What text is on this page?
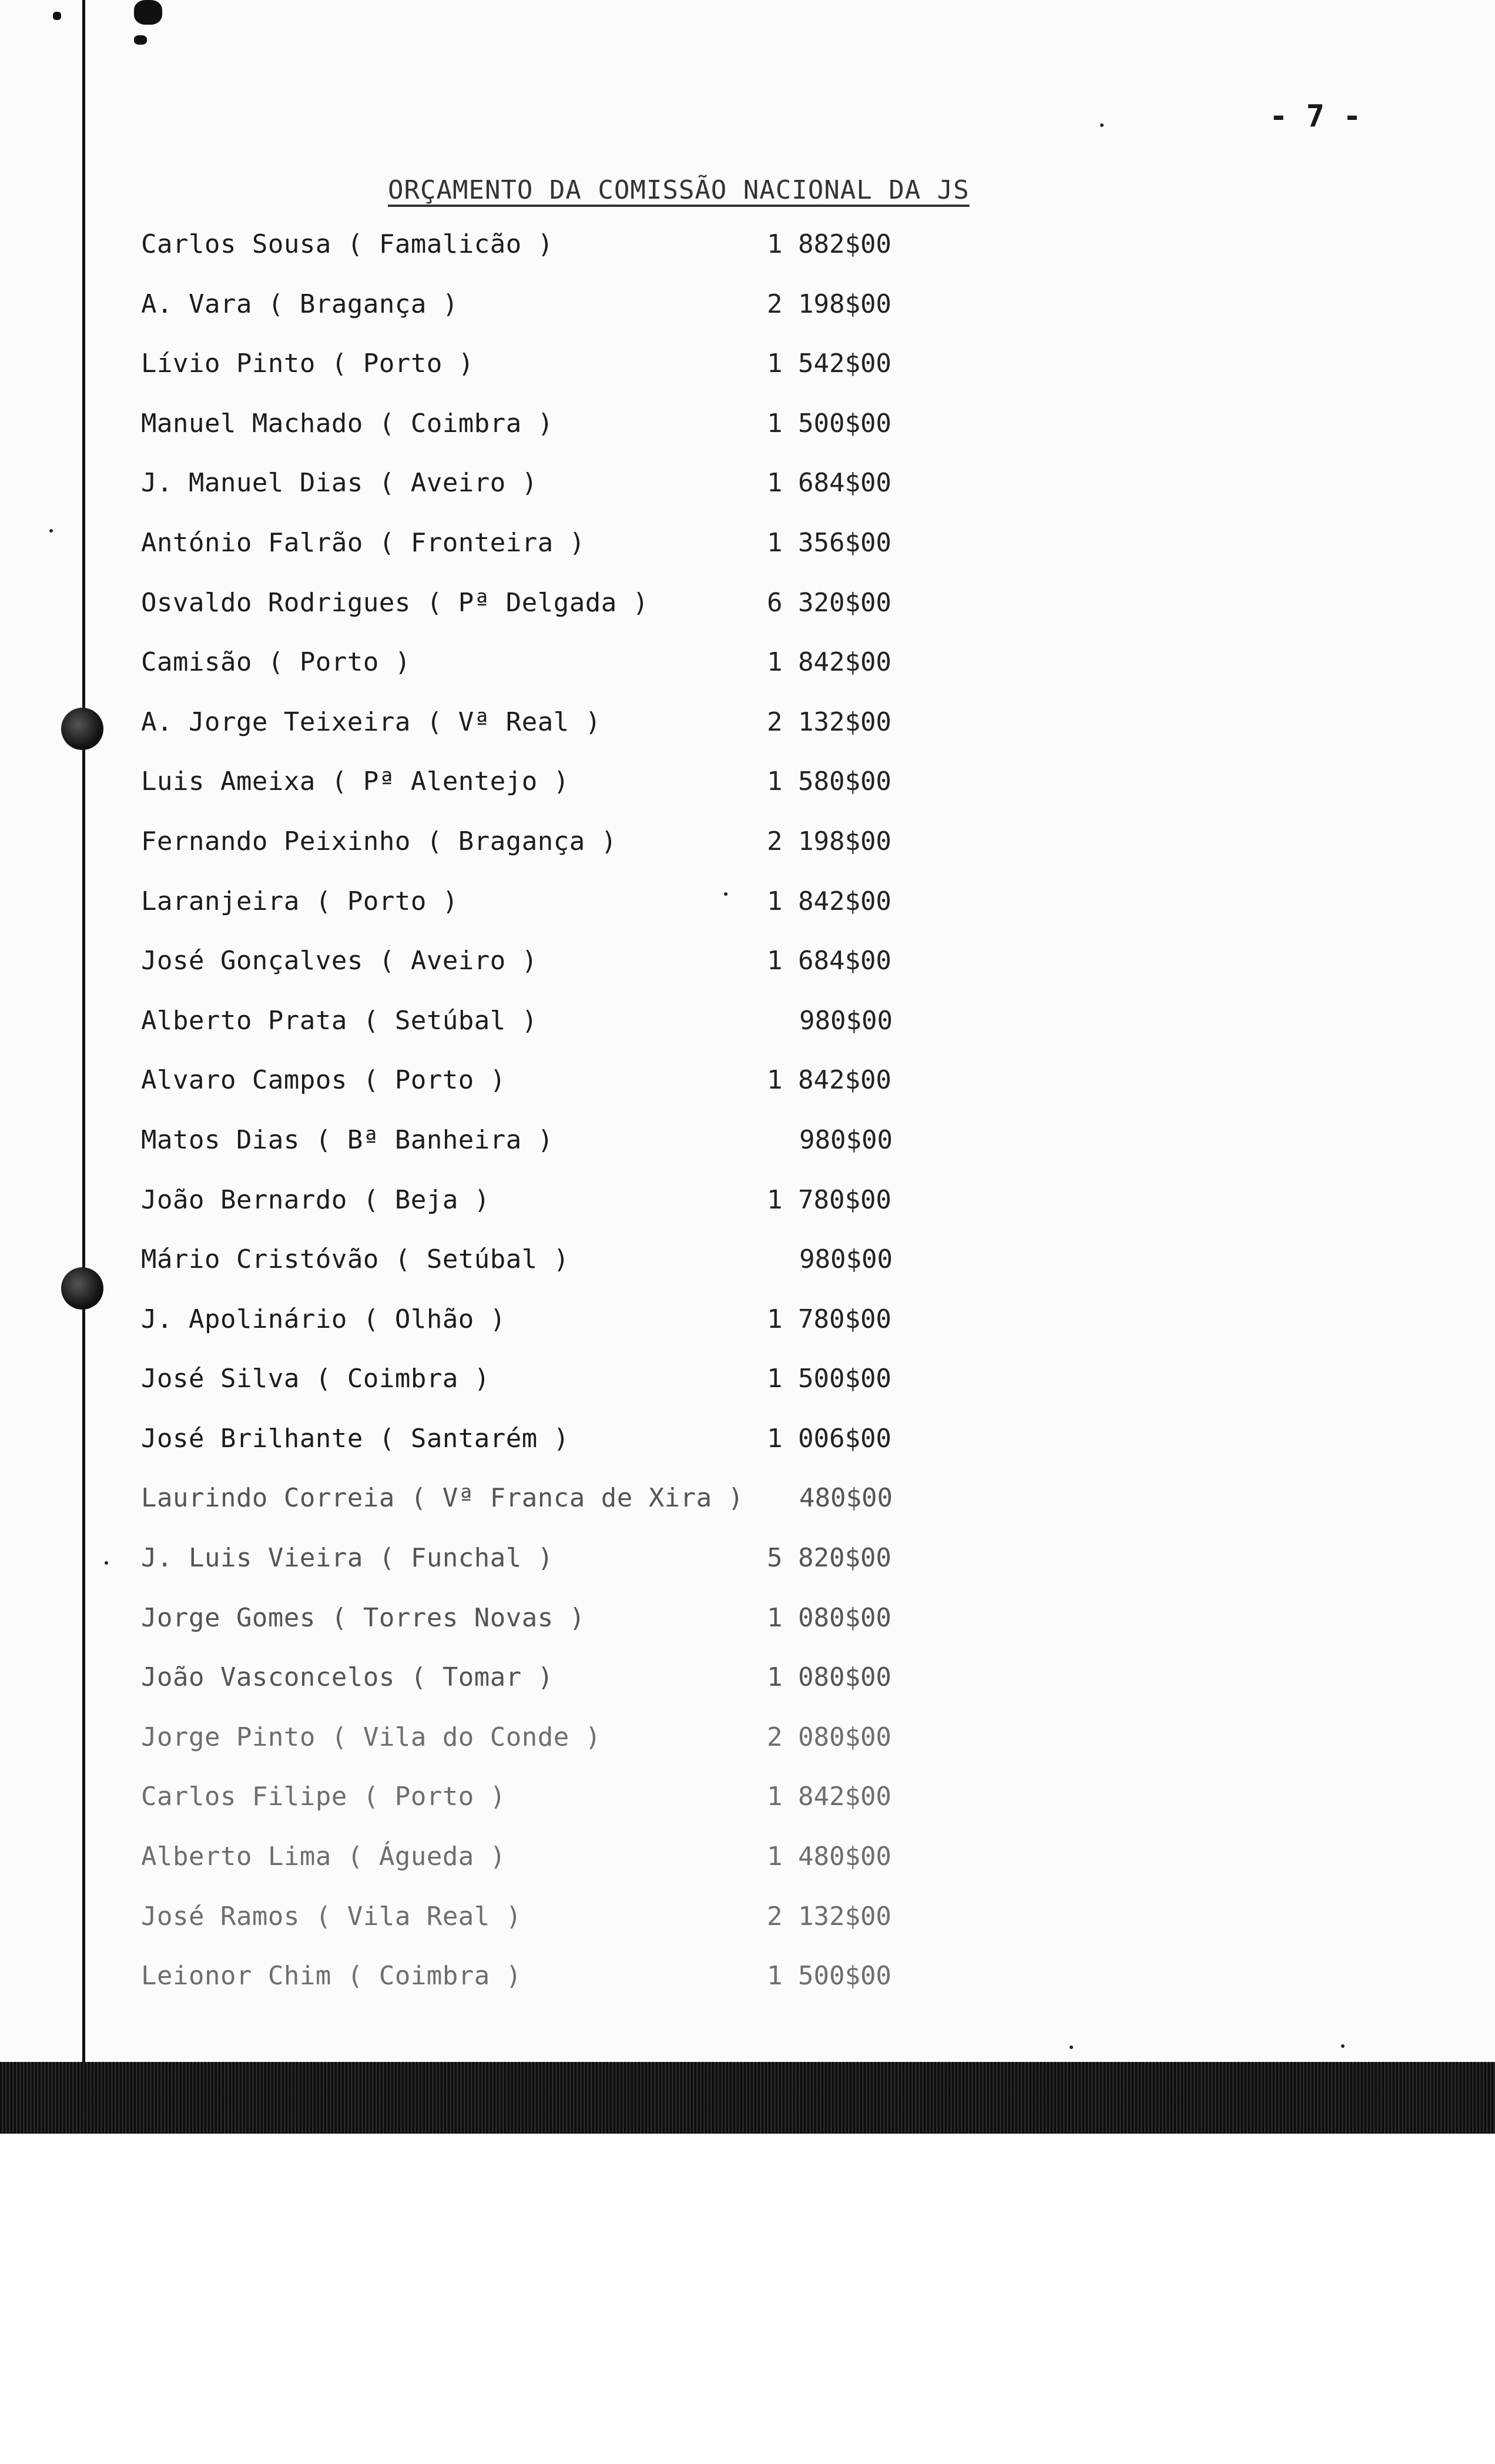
- 7 -
ORÇAMENTO DA COMISSÃO NACIONAL DA JS
Carlos Sousa ( Famalicão )	1 882$00
A. Vara ( Bragança )	2 198$00
Lívio Pinto ( Porto )	1 542$00
Manuel Machado ( Coimbra )	1 500$00
J. Manuel Dias ( Aveiro )	1 684$00
António Falrão ( Fronteira )	1 356$00
Osvaldo Rodrigues ( Pª Delgada )	6 320$00
Camisão ( Porto )	1 842$00
A. Jorge Teixeira ( Vª Real )	2 132$00
Luis Ameixa ( Pª Alentejo )	1 580$00
Fernando Peixinho ( Bragança )	2 198$00
Laranjeira ( Porto )	1 842$00
José Gonçalves ( Aveiro )	1 684$00
Alberto Prata ( Setúbal )	980$00
Alvaro Campos ( Porto )	1 842$00
Matos Dias ( Bª Banheira )	980$00
João Bernardo ( Beja )	1 780$00
Mário Cristóvão ( Setúbal )	980$00
J. Apolinário ( Olhão )	1 780$00
José Silva ( Coimbra )	1 500$00
José Brilhante ( Santarém )	1 006$00
Laurindo Correia ( Vª Franca de Xira ) 480$00
J. Luis Vieira ( Funchal )	5 820$00
Jorge Gomes ( Torres Novas )	1 080$00
João Vasconcelos ( Tomar )	1 080$00
Jorge Pinto ( Vila do Conde )	2 080$00
Carlos Filipe ( Porto )	1 842$00
Alberto Lima ( Águeda )	1 480$00
José Ramos ( Vila Real )	2 132$00
Leionor Chim ( Coimbra )	1 500$00
